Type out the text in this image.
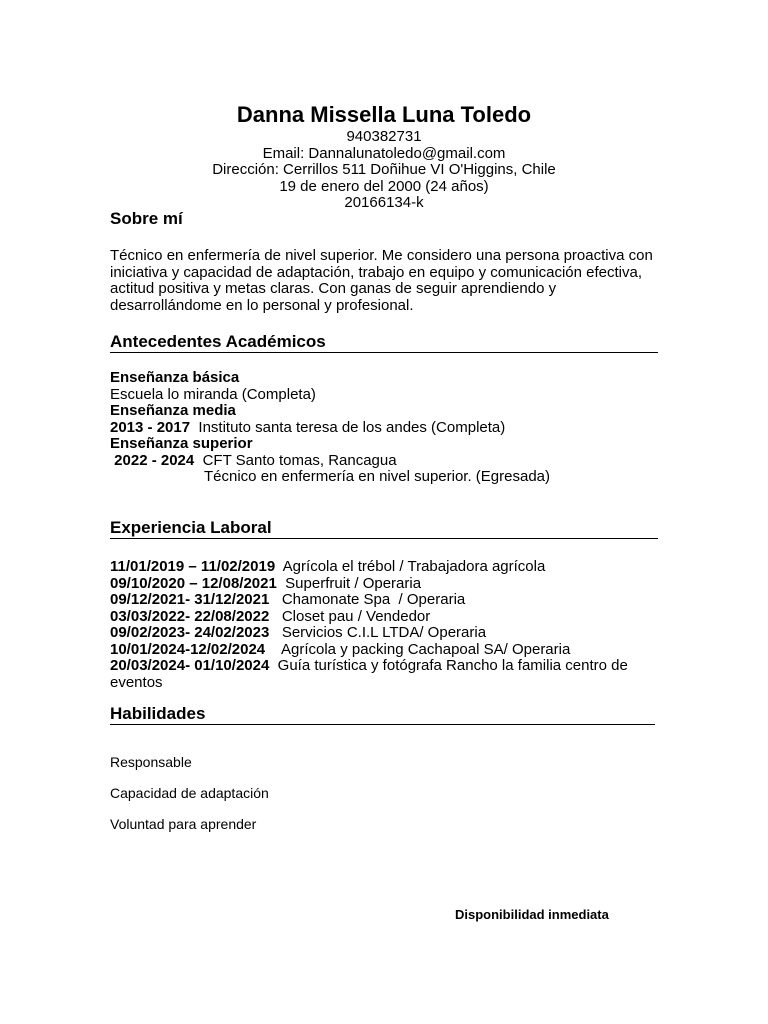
Danna Missella Luna Toledo
940382731
Email: Dannalunatoledo@gmail.com
Dirección: Cerrillos 511 Doñihue VI O'Higgins, Chile
19 de enero del 2000 (24 años)
20166134-k
Sobre mí
Técnico en enfermería de nivel superior. Me considero una persona proactiva con
iniciativa y capacidad de adaptación, trabajo en equipo y comunicación efectiva,
actitud positiva y metas claras. Con ganas de seguir aprendiendo y
desarrollándome en lo personal y profesional.
Antecedentes Académicos
Enseñanza básica
Escuela lo miranda (Completa)
Enseñanza media
2013 - 2017  Instituto santa teresa de los andes (Completa)
Enseñanza superior
2022 - 2024  CFT Santo tomas, Rancagua
Técnico en enfermería en nivel superior. (Egresada)
Experiencia Laboral
11/01/2019 – 11/02/2019  Agrícola el trébol / Trabajadora agrícola
09/10/2020 – 12/08/2021  Superfruit / Operaria
09/12/2021- 31/12/2021   Chamonate Spa  / Operaria
03/03/2022- 22/08/2022   Closet pau / Vendedor
09/02/2023- 24/02/2023   Servicios C.I.L LTDA/ Operaria
10/01/2024-12/02/2024    Agrícola y packing Cachapoal SA/ Operaria
20/03/2024- 01/10/2024  Guía turística y fotógrafa Rancho la familia centro de
eventos
Habilidades
Responsable
Capacidad de adaptación
Voluntad para aprender
Disponibilidad inmediata
